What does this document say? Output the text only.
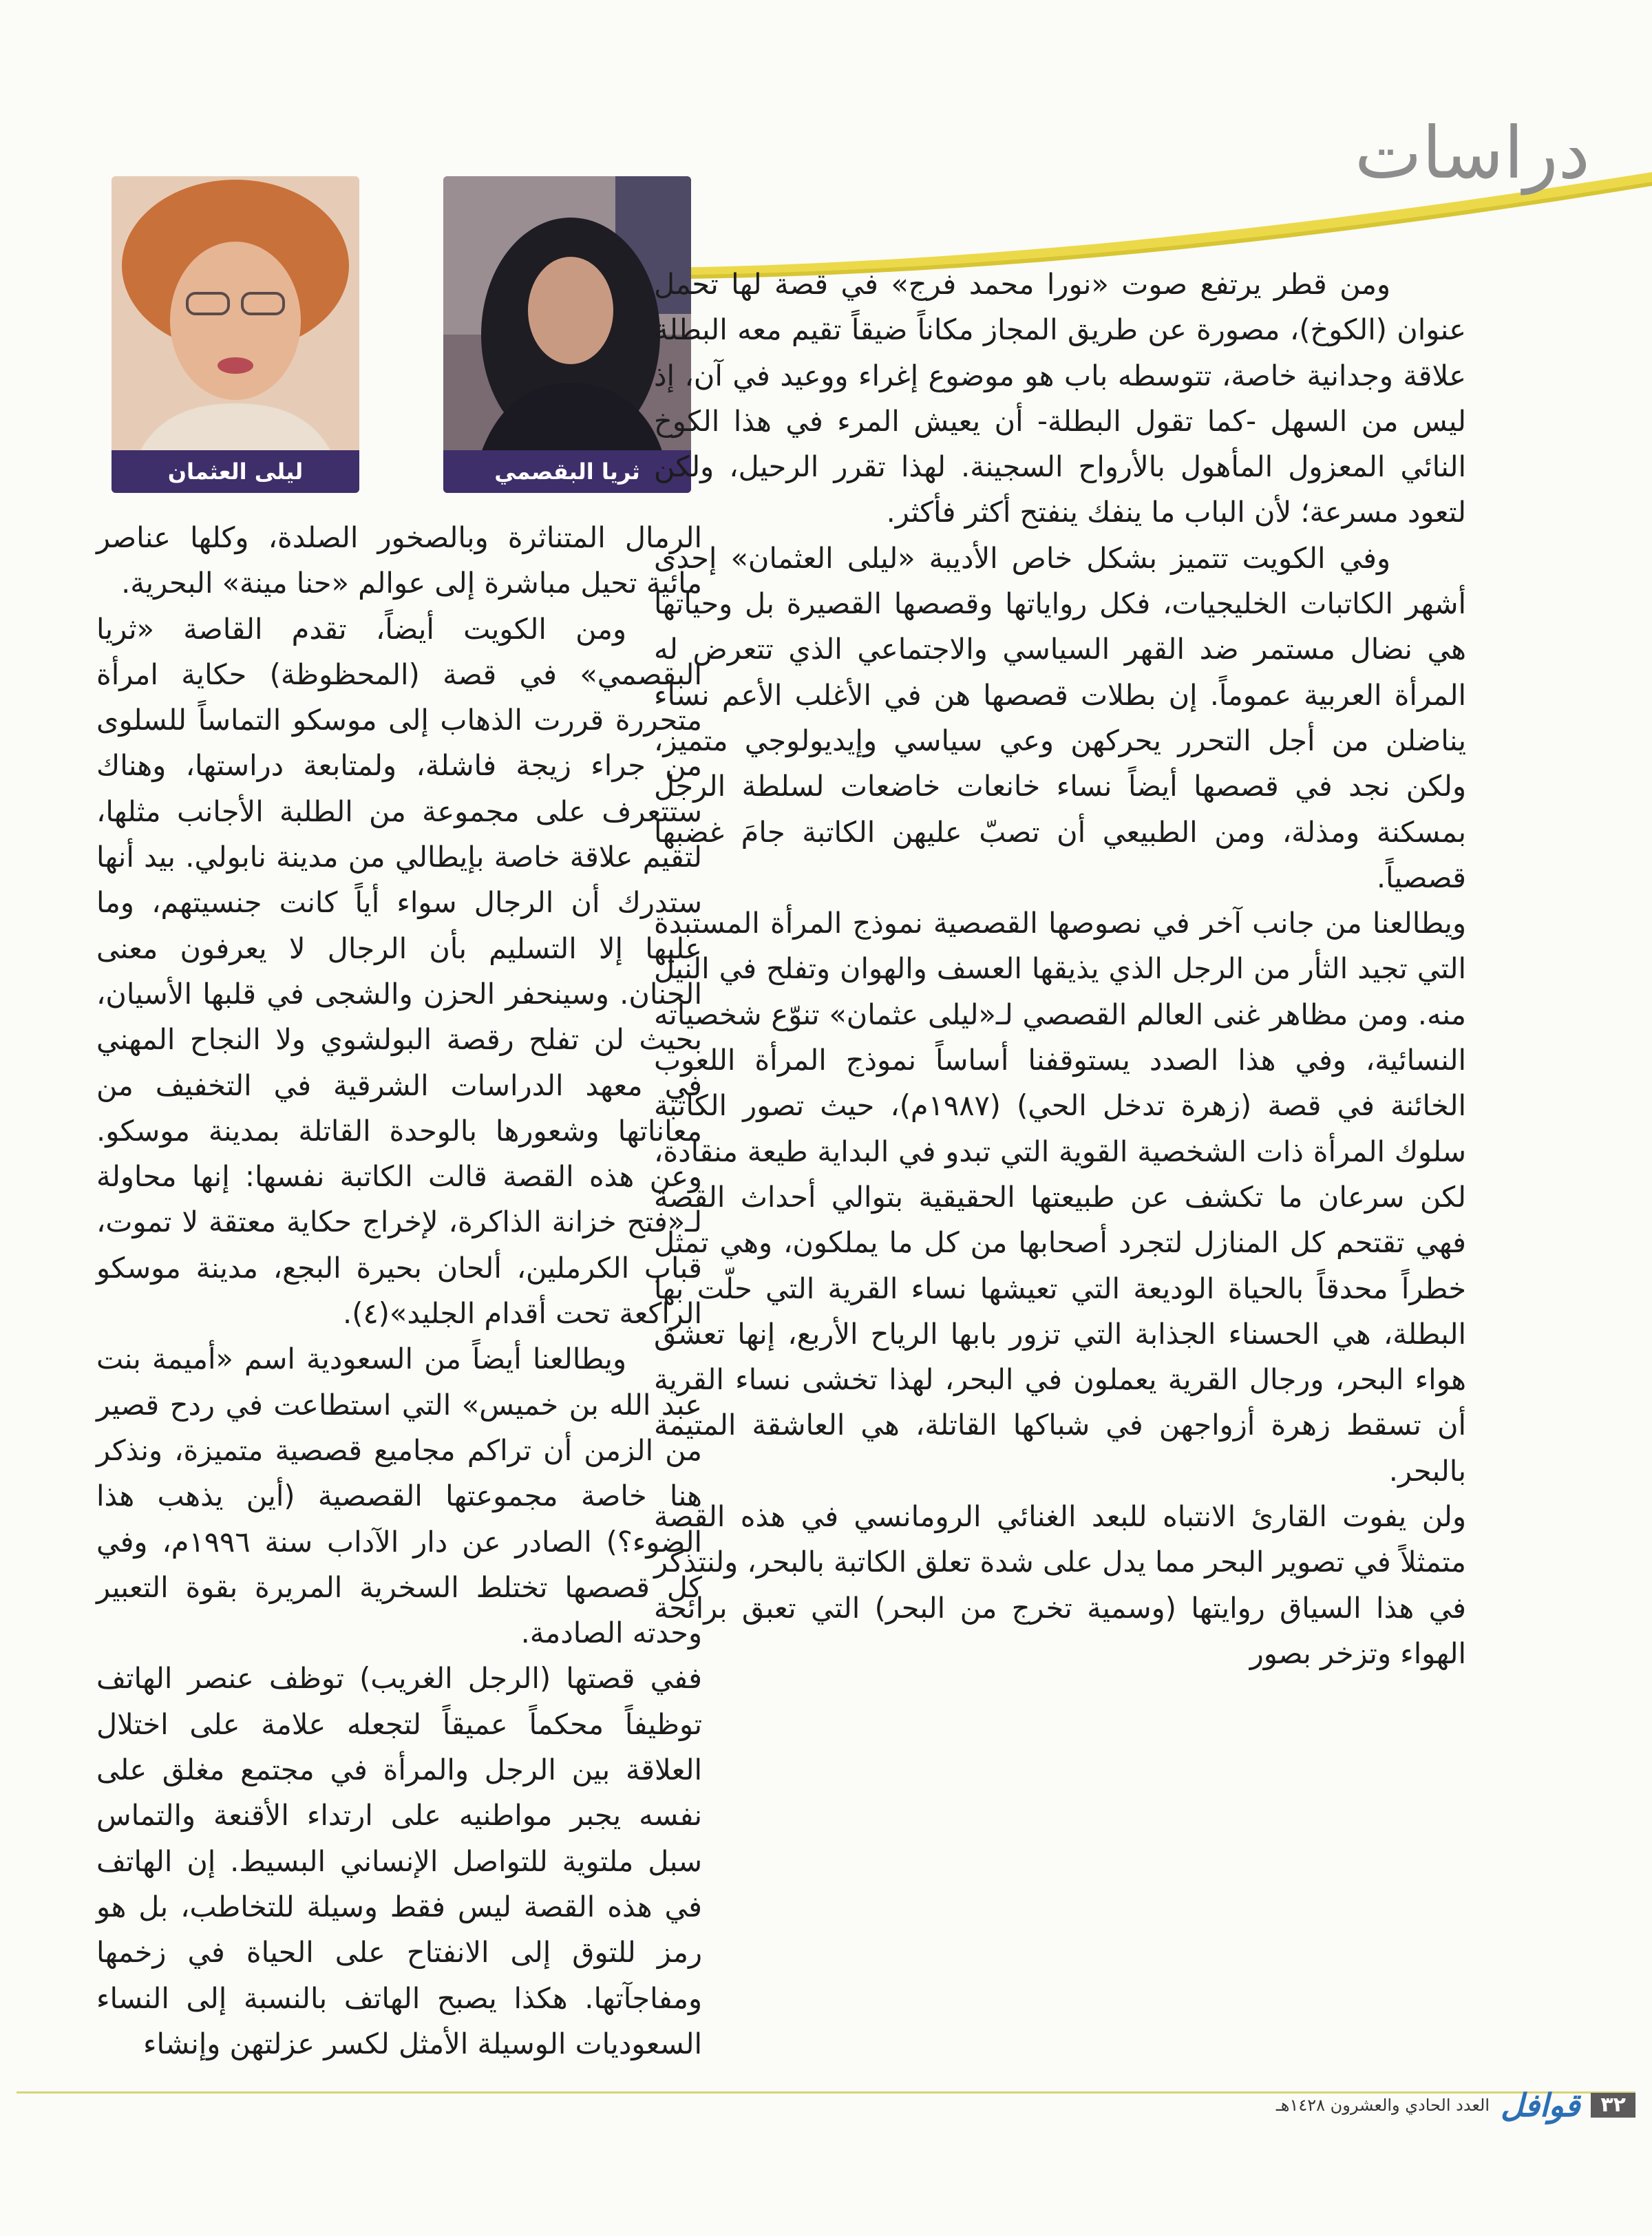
دراسات
ثريا البقصمي
ليلى العثمان

ومن قطر يرتفع صوت «نورا محمد فرج» في قصة لها تحمل عنوان (الكوخ)، مصورة عن طريق المجاز مكاناً ضيقاً تقيم معه البطلة علاقة وجدانية خاصة، تتوسطه باب هو موضوع إغراء ووعيد في آن، إذ ليس من السهل -كما تقول البطلة- أن يعيش المرء في هذا الكوخ النائي المعزول المأهول بالأرواح السجينة. لهذا تقرر الرحيل، ولكن لتعود مسرعة؛ لأن الباب ما ينفك ينفتح أكثر فأكثر.

وفي الكويت تتميز بشكل خاص الأديبة «ليلى العثمان» إحدى أشهر الكاتبات الخليجيات، فكل رواياتها وقصصها القصيرة بل وحياتها هي نضال مستمر ضد القهر السياسي والاجتماعي الذي تتعرض له المرأة العربية عموماً. إن بطلات قصصها هن في الأغلب الأعم نساء يناضلن من أجل التحرر يحركهن وعي سياسي وإيديولوجي متميز، ولكن نجد في قصصها أيضاً نساء خانعات خاضعات لسلطة الرجل بمسكنة ومذلة، ومن الطبيعي أن تصبّ عليهن الكاتبة جامَ غضبها قصصياً.

ويطالعنا من جانب آخر في نصوصها القصصية نموذج المرأة المستبدة التي تجيد الثأر من الرجل الذي يذيقها العسف والهوان وتفلح في النيل منه. ومن مظاهر غنى العالم القصصي لـ«ليلى عثمان» تنوّع شخصياته النسائية، وفي هذا الصدد يستوقفنا أساساً نموذج المرأة اللعوب الخائنة في قصة (زهرة تدخل الحي) (١٩٨٧م)، حيث تصور الكاتبة سلوك المرأة ذات الشخصية القوية التي تبدو في البداية طيعة منقادة، لكن سرعان ما تكشف عن طبيعتها الحقيقية بتوالي أحداث القصة فهي تقتحم كل المنازل لتجرد أصحابها من كل ما يملكون، وهي تمثل خطراً محدقاً بالحياة الوديعة التي تعيشها نساء القرية التي حلّت بها البطلة، هي الحسناء الجذابة التي تزور بابها الرياح الأربع، إنها تعشق هواء البحر، ورجال القرية يعملون في البحر، لهذا تخشى نساء القرية أن تسقط زهرة أزواجهن في شباكها القاتلة، هي العاشقة المتيمة بالبحر.

ولن يفوت القارئ الانتباه للبعد الغنائي الرومانسي في هذه القصة متمثلاً في تصوير البحر مما يدل على شدة تعلق الكاتبة بالبحر، ولنتذكر في هذا السياق روايتها (وسمية تخرج من البحر) التي تعبق برائحة الهواء وتزخر بصور

الرمال المتناثرة وبالصخور الصلدة، وكلها عناصر مائية تحيل مباشرة إلى عوالم «حنا مينة» البحرية.

ومن الكويت أيضاً، تقدم القاصة «ثريا البقصمي» في قصة (المحظوظة) حكاية امرأة متحررة قررت الذهاب إلى موسكو التماساً للسلوى من جراء زيجة فاشلة، ولمتابعة دراستها، وهناك ستتعرف على مجموعة من الطلبة الأجانب مثلها، لتقيم علاقة خاصة بإيطالي من مدينة نابولي. بيد أنها ستدرك أن الرجال سواء أياً كانت جنسيتهم، وما عليها إلا التسليم بأن الرجال لا يعرفون معنى الحنان. وسينحفر الحزن والشجى في قلبها الأسيان، بحيث لن تفلح رقصة البولشوي ولا النجاح المهني في معهد الدراسات الشرقية في التخفيف من معاناتها وشعورها بالوحدة القاتلة بمدينة موسكو. وعن هذه القصة قالت الكاتبة نفسها: إنها محاولة لـ«فتح خزانة الذاكرة، لإخراج حكاية معتقة لا تموت، قباب الكرملين، ألحان بحيرة البجع، مدينة موسكو الراكعة تحت أقدام الجليد»(٤).

ويطالعنا أيضاً من السعودية اسم «أميمة بنت عبد الله بن خميس» التي استطاعت في ردح قصير من الزمن أن تراكم مجاميع قصصية متميزة، ونذكر هنا خاصة مجموعتها القصصية (أين يذهب هذا الضوء؟) الصادر عن دار الآداب سنة ١٩٩٦م، وفي كل قصصها تختلط السخرية المريرة بقوة التعبير وحدته الصادمة.

ففي قصتها (الرجل الغريب) توظف عنصر الهاتف توظيفاً محكماً عميقاً لتجعله علامة على اختلال العلاقة بين الرجل والمرأة في مجتمع مغلق على نفسه يجبر مواطنيه على ارتداء الأقنعة والتماس سبل ملتوية للتواصل الإنساني البسيط. إن الهاتف في هذه القصة ليس فقط وسيلة للتخاطب، بل هو رمز للتوق إلى الانفتاح على الحياة في زخمها ومفاجآتها. هكذا يصبح الهاتف بالنسبة إلى النساء السعوديات الوسيلة الأمثل لكسر عزلتهن وإنشاء

٣٢
قوافل
العدد الحادي والعشرون ١٤٢٨هـ
